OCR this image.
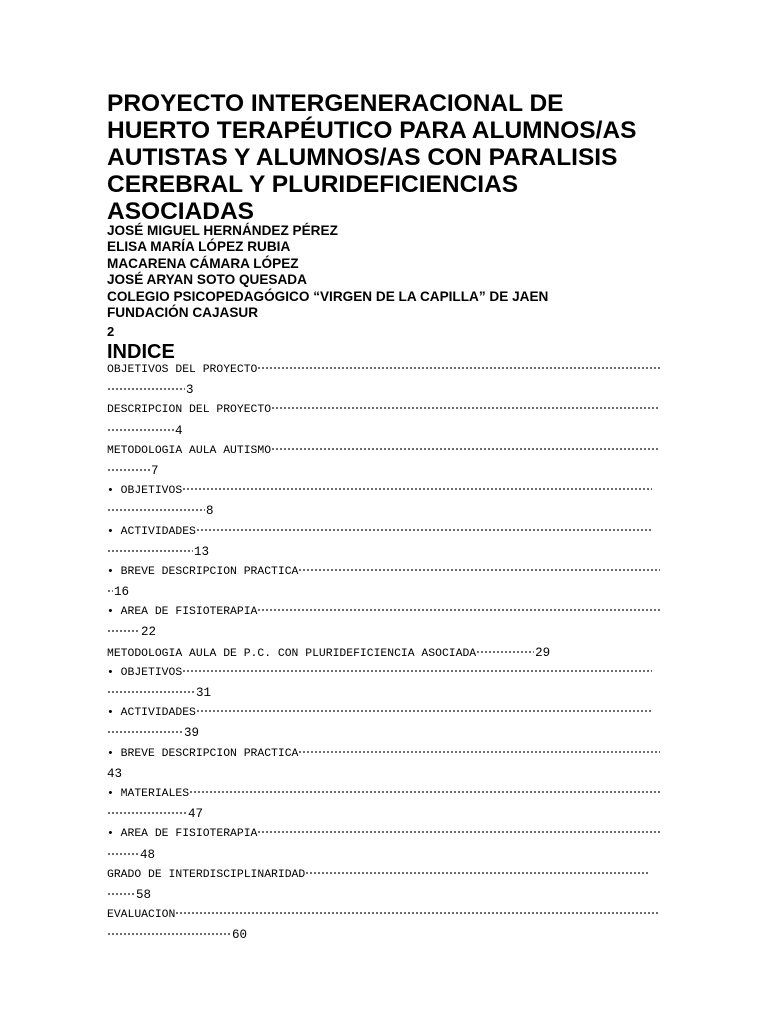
PROYECTO INTERGENERACIONAL DE
HUERTO TERAPÉUTICO PARA ALUMNOS/AS
AUTISTAS Y ALUMNOS/AS CON PARALISIS
CEREBRAL Y PLURIDEFICIENCIAS
ASOCIADAS
JOSÉ MIGUEL HERNÁNDEZ PÉREZ
ELISA MARÍA LÓPEZ RUBIA
MACARENA CÁMARA LÓPEZ
JOSÉ ARYAN SOTO QUESADA
COLEGIO PSICOPEDAGÓGICO “VIRGEN DE LA CAPILLA” DE JAEN
FUNDACIÓN CAJASUR
2
INDICE
OBJETIVOS DEL PROYECTO
3
DESCRIPCION DEL PROYECTO
4
METODOLOGIA AULA AUTISMO
7
• OBJETIVOS
8
• ACTIVIDADES
13
• BREVE DESCRIPCION PRACTICA
16
• AREA DE FISIOTERAPIA
22
METODOLOGIA AULA DE P.C. CON PLURIDEFICIENCIA ASOCIADA	29
• OBJETIVOS
31
• ACTIVIDADES
39
• BREVE DESCRIPCION PRACTICA
43
• MATERIALES
47
• AREA DE FISIOTERAPIA
48
GRADO DE INTERDISCIPLINARIDAD
58
EVALUACION
60
